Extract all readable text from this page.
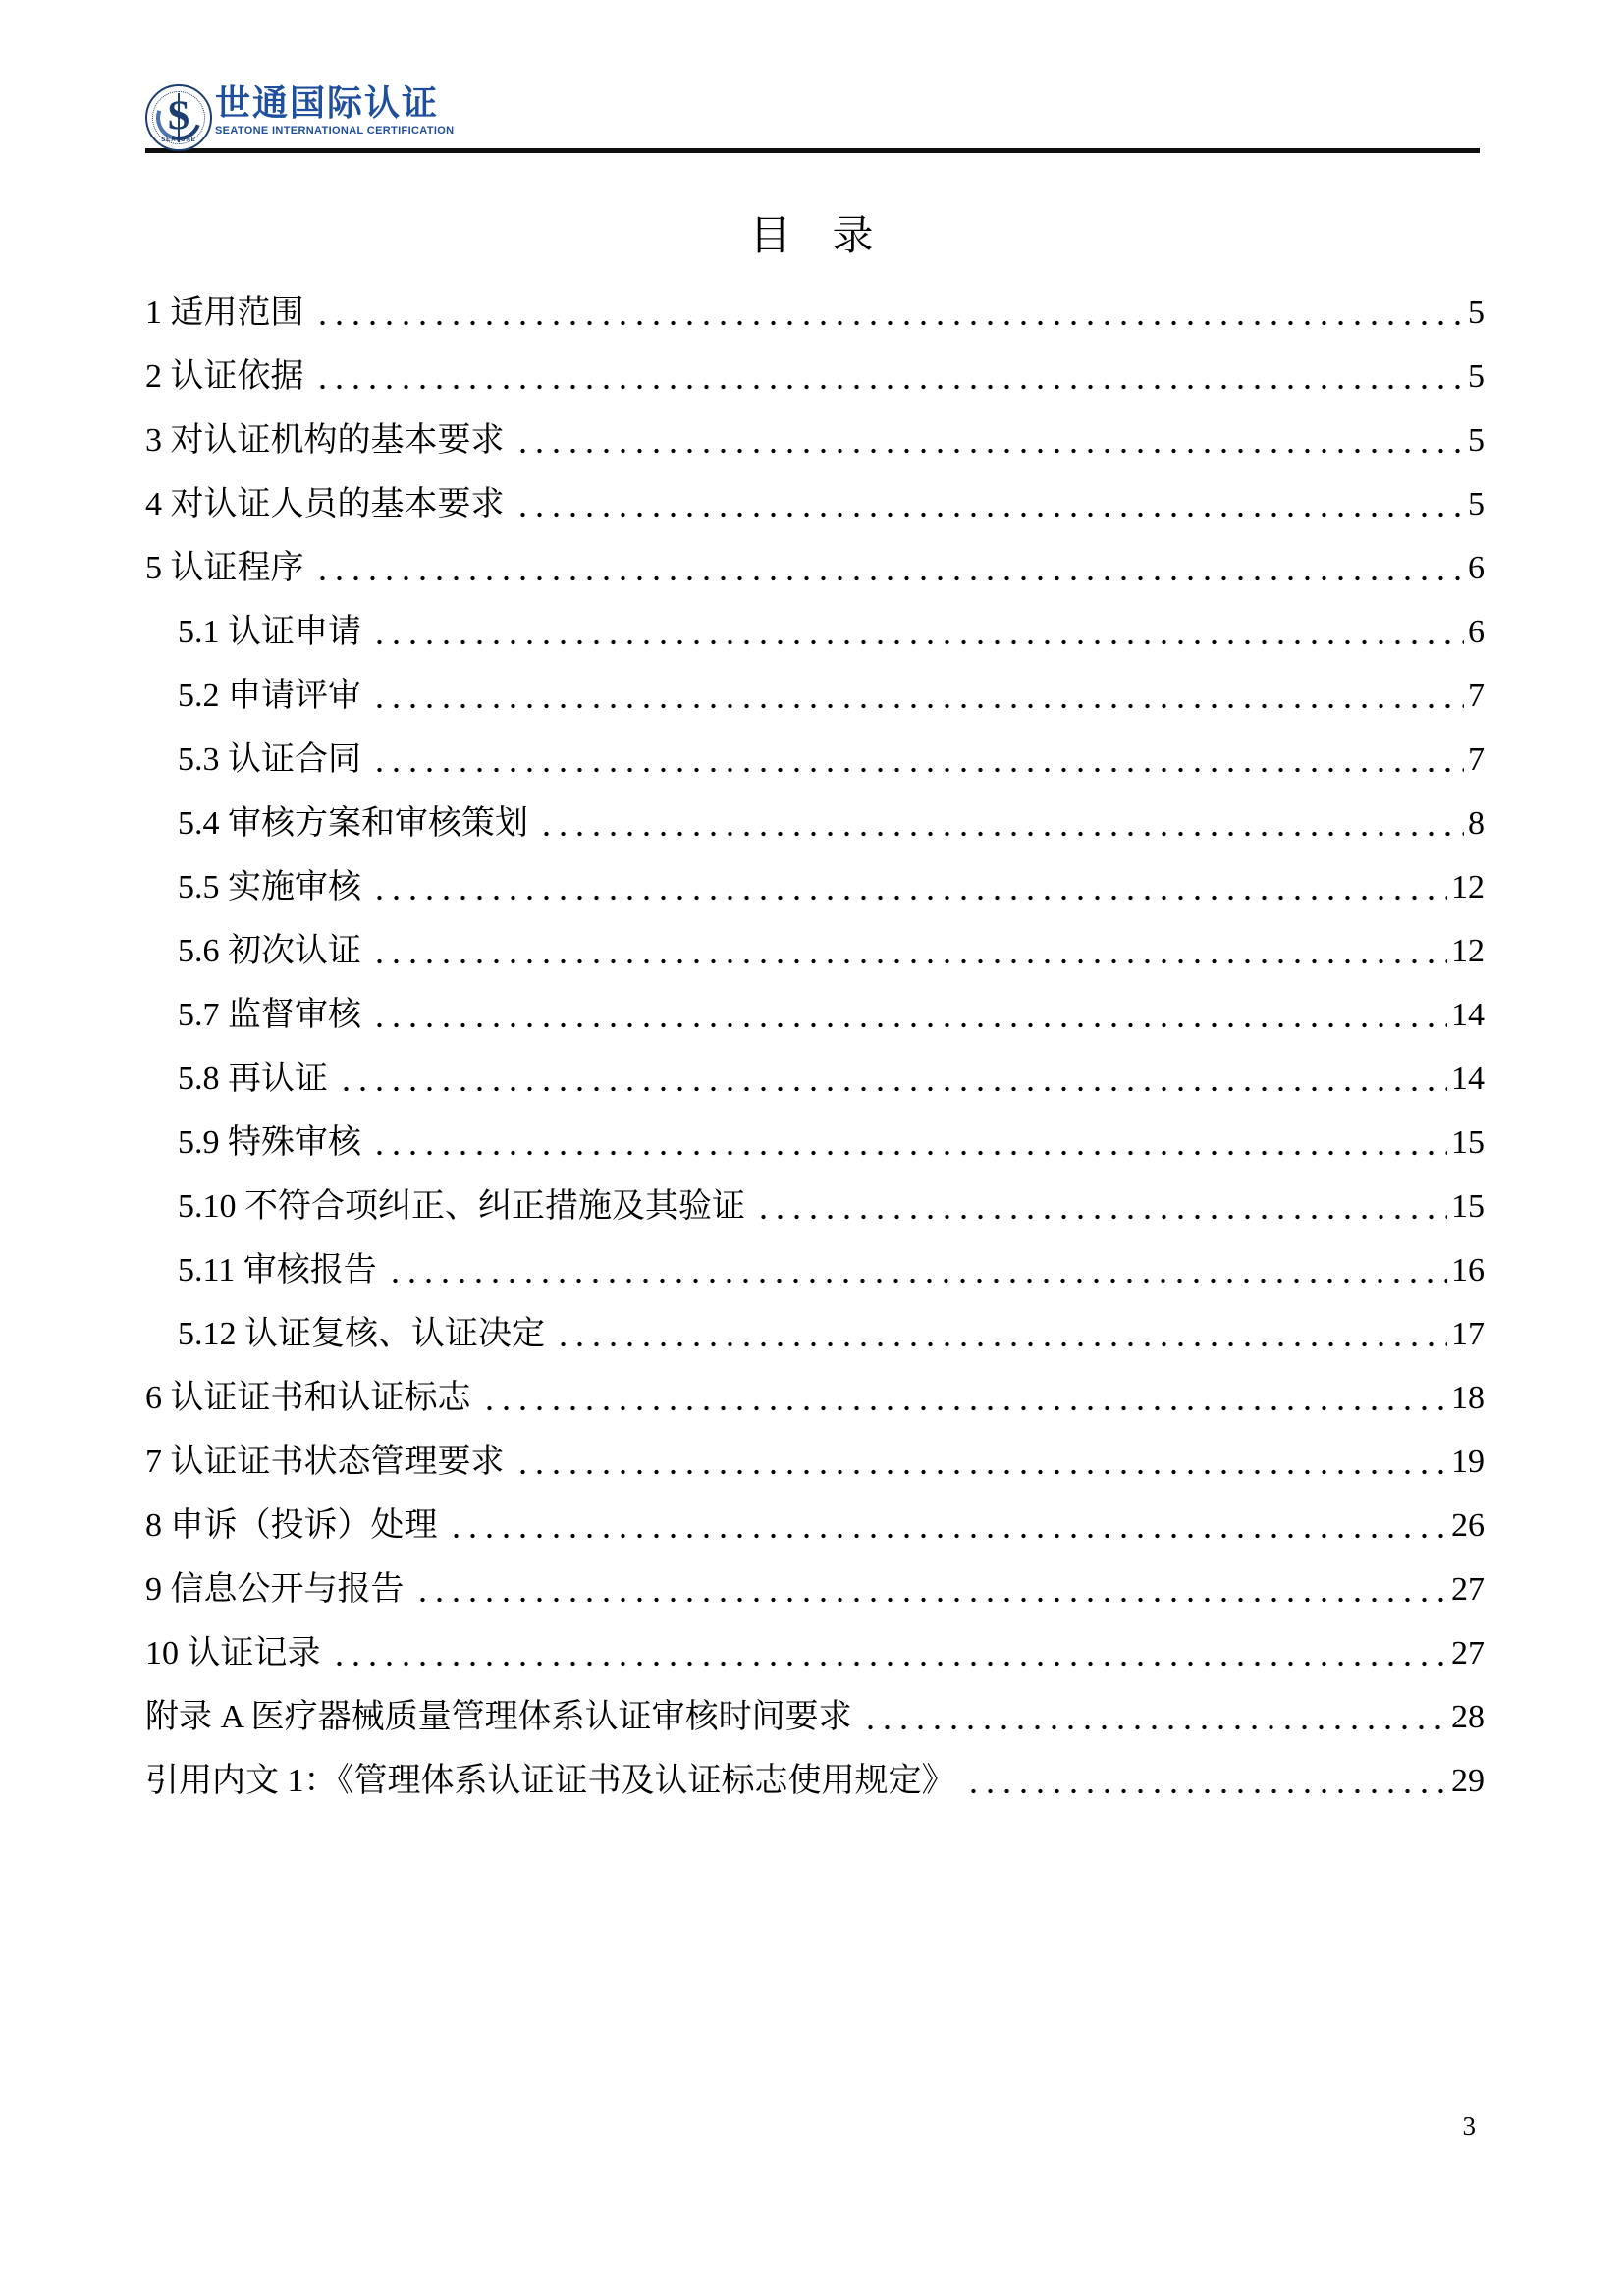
S
SEATONE
世通国际认证
SEATONE INTERNATIONAL CERTIFICATION
目　录
1 适用范围	5
2 认证依据	5
3 对认证机构的基本要求	5
4 对认证人员的基本要求	5
5 认证程序	6
5.1 认证申请	6
5.2 申请评审	7
5.3 认证合同	7
5.4 审核方案和审核策划	8
5.5 实施审核	12
5.6 初次认证	12
5.7 监督审核	14
5.8 再认证	14
5.9 特殊审核	15
5.10 不符合项纠正、纠正措施及其验证	15
5.11 审核报告	16
5.12 认证复核、认证决定	17
6 认证证书和认证标志	18
7 认证证书状态管理要求	19
8 申诉（投诉）处理	26
9 信息公开与报告	27
10 认证记录	27
附录 A 医疗器械质量管理体系认证审核时间要求	28
引用内文 1：《管理体系认证证书及认证标志使用规定》	29
3
